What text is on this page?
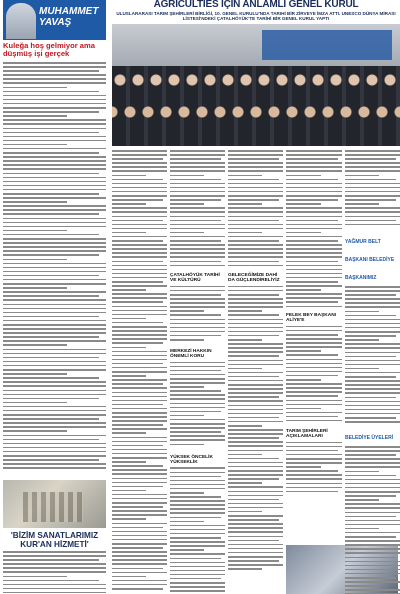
AGRICULTIES İÇİN ANLAMLI GENEL KURUL
ULUSLARARASI TARIM ŞEHİRLERİ BİRLİĞİ, 10. GENEL KURULU'NDA TARIHİ BİR ZİRVEYE İMZA ATTI. UNESCO DÜNYA MİRASI LİSTESİ'NDEKİ ÇATALHÖYÜK'TE TARİHİ BİR GENEL KURUL YAPTI
MUHAMMET
YAVAŞ
Kuleğa hoş gelmiyor ama düşmüş işi gerçek
'BİZİM SANATLARIMIZ KUR'AN HİZMETİ'
ÇATALHÖYÜK TARİHİ VE KÜLTÜRÜ
MERKEZİ HAKKIN ÖNEMLİ KORU
YÜKSEK ÖNCELİK YÜKSEKLİK
GELECEĞİMİZE DAHİ DA GÜÇLENDİRELİYİZ
FELEK BEY BAŞKANI ALİYE'E
TARIM ŞEHİRLERİ AÇIKLAMALARI
YAĞMUR BELT BAŞKANI BELEDİYE BAŞKANIMIZ
BELEDİYE ÜYELERİ
